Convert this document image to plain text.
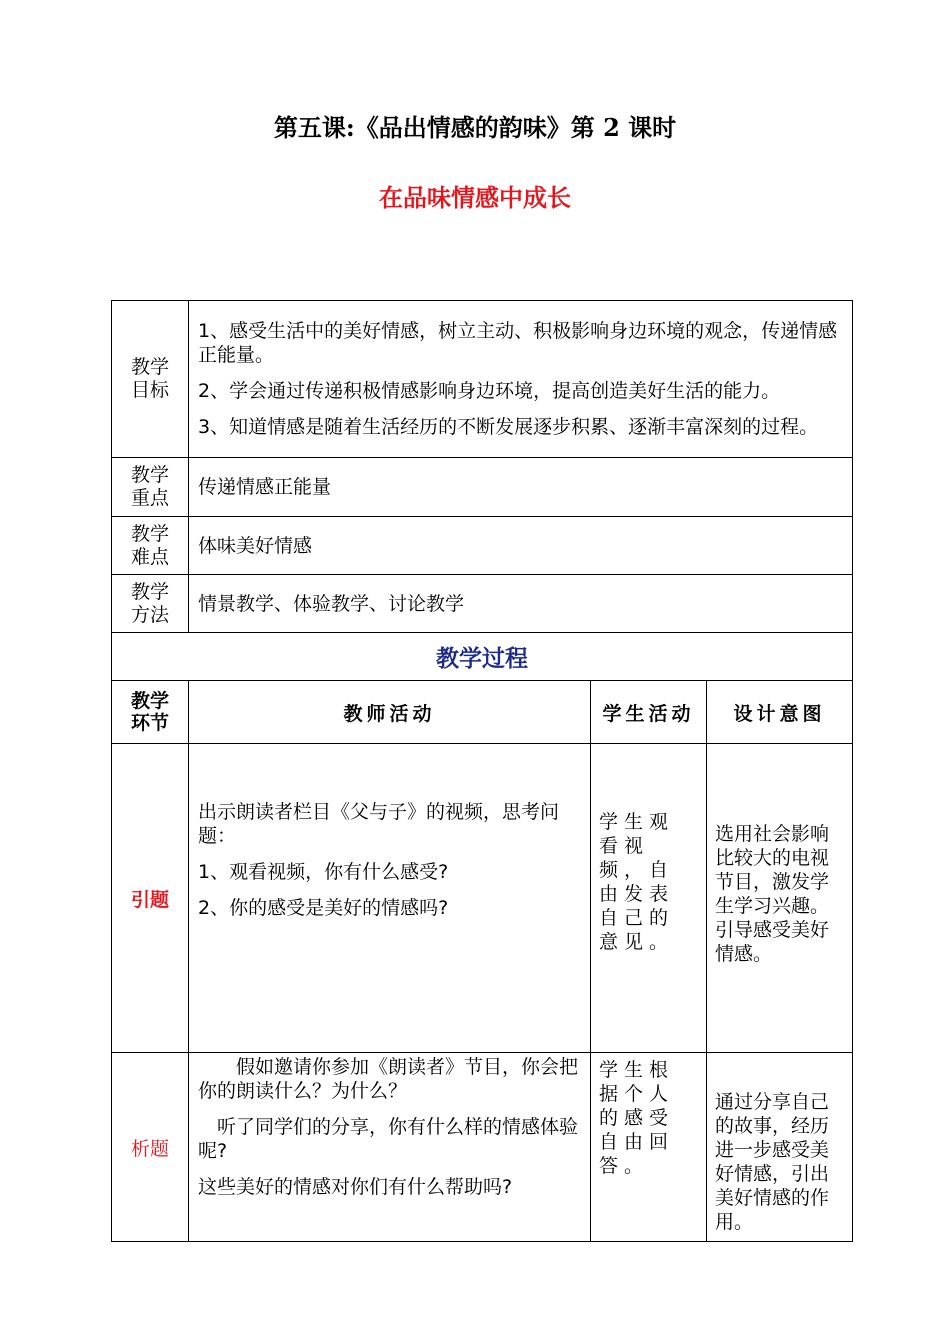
第五课:《品出情感的韵味》第 2 课时
在品味情感中成长
教学目标	1、感受生活中的美好情感，树立主动、积极影响身边环境的观念，传递情感正能量。

2、学会通过传递积极情感影响身边环境，提高创造美好生活的能力。

3、知道情感是随着生活经历的不断发展逐步积累、逐渐丰富深刻的过程。		

教学重点	传递情感正能量		

教学难点	体味美好情感		

教学方法	情景教学、体验教学、讨论教学		
教学过程			

教学环节	教师活动	学生活动	设计意图
引题	出示朗读者栏目《父与子》的视频，思考问题：

1、观看视频，你有什么感受?

2、你的感受是美好的情感吗?	学生观看视频，自由发表自己的意见。	选用社会影响比较大的电视节目，激发学生学习兴趣。引导感受美好情感。

析题	假如邀请你参加《朗读者》节目，你会把你的朗读什么？为什么？

听了同学们的分享，你有什么样的情感体验呢?

这些美好的情感对你们有什么帮助吗?	学生根据个人的感受自由回答。	通过分享自己的故事，经历进一步感受美好情感，引出美好情感的作用。
